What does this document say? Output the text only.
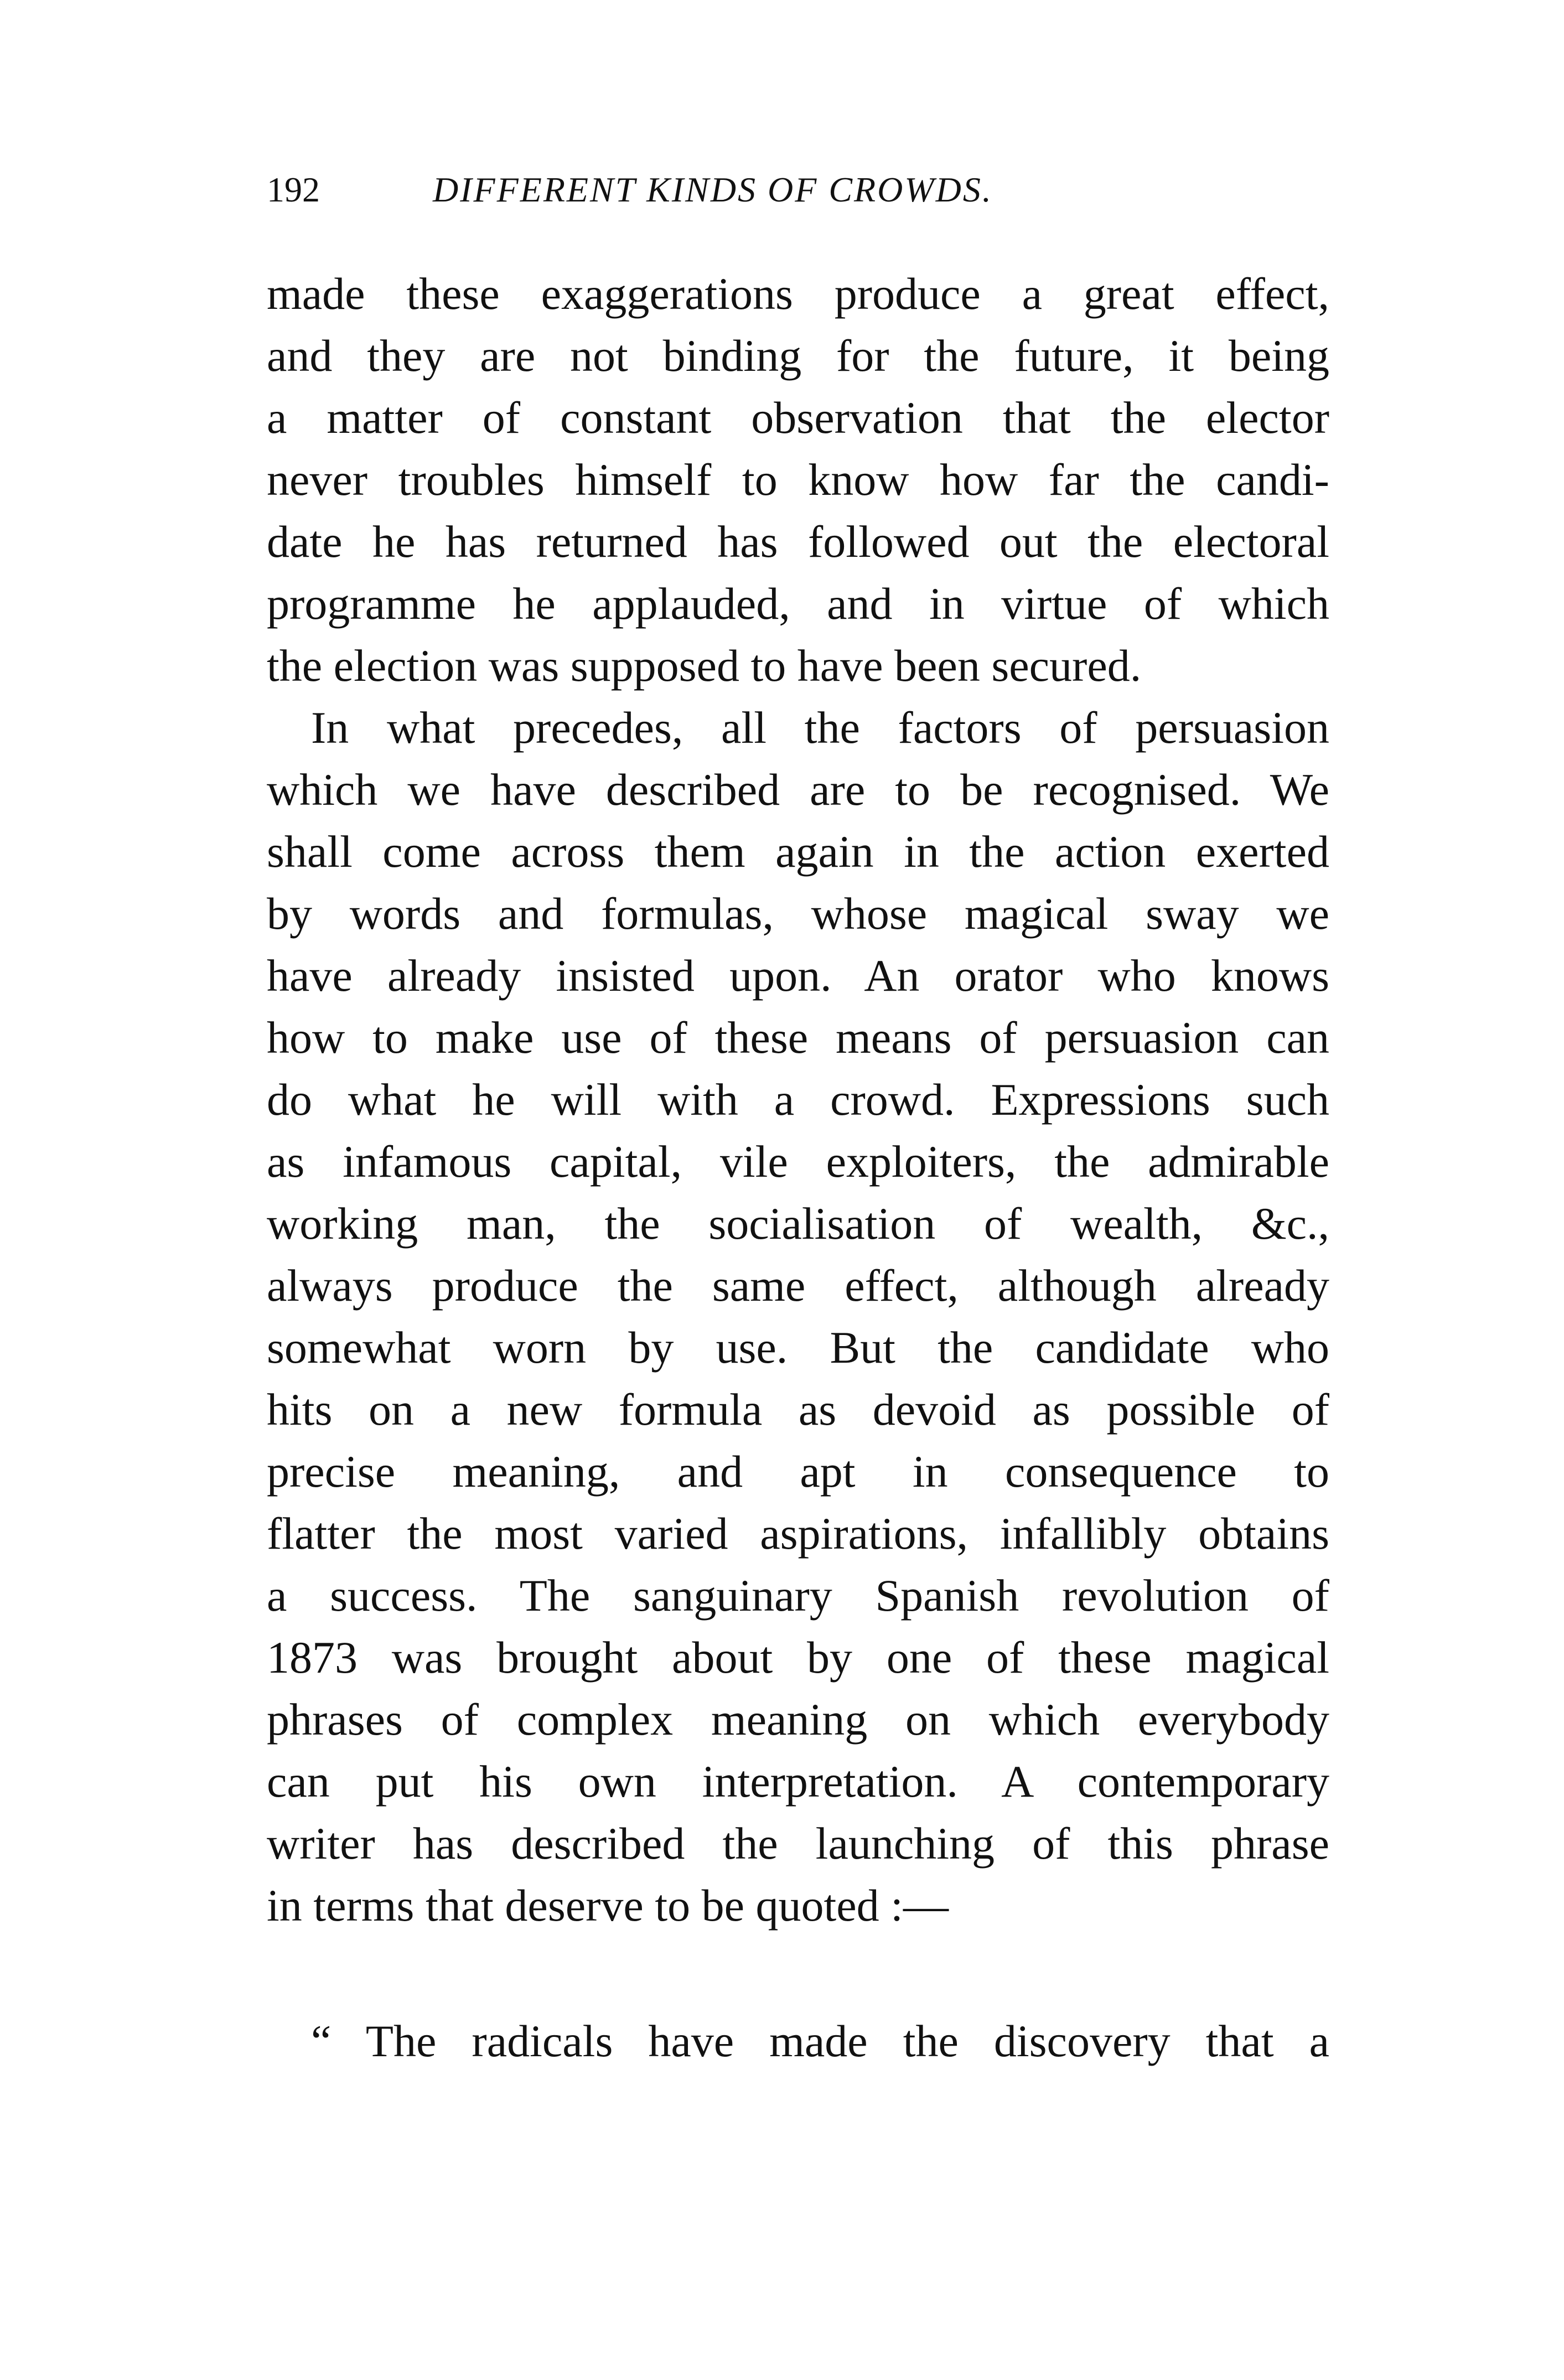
192	DIFFERENT KINDS OF CROWDS.
made these exaggerations produce a great effect,
and they are not binding for the future, it being
a matter of constant observation that the elector
never troubles himself to know how far the candi-
date he has returned has followed out the electoral
programme he applauded, and in virtue of which
the election was supposed to have been secured.
In what precedes, all the factors of persuasion
which we have described are to be recognised. We
shall come across them again in the action exerted
by words and formulas, whose magical sway we
have already insisted upon. An orator who knows
how to make use of these means of persuasion can
do what he will with a crowd. Expressions such
as infamous capital, vile exploiters, the admirable
working man, the socialisation of wealth, &c.,
always produce the same effect, although already
somewhat worn by use. But the candidate who
hits on a new formula as devoid as possible of
precise meaning, and apt in consequence to
flatter the most varied aspirations, infallibly obtains
a success. The sanguinary Spanish revolution of
1873 was brought about by one of these magical
phrases of complex meaning on which everybody
can put his own interpretation. A contemporary
writer has described the launching of this phrase
in terms that deserve to be quoted :—
“ The radicals have made the discovery that a
